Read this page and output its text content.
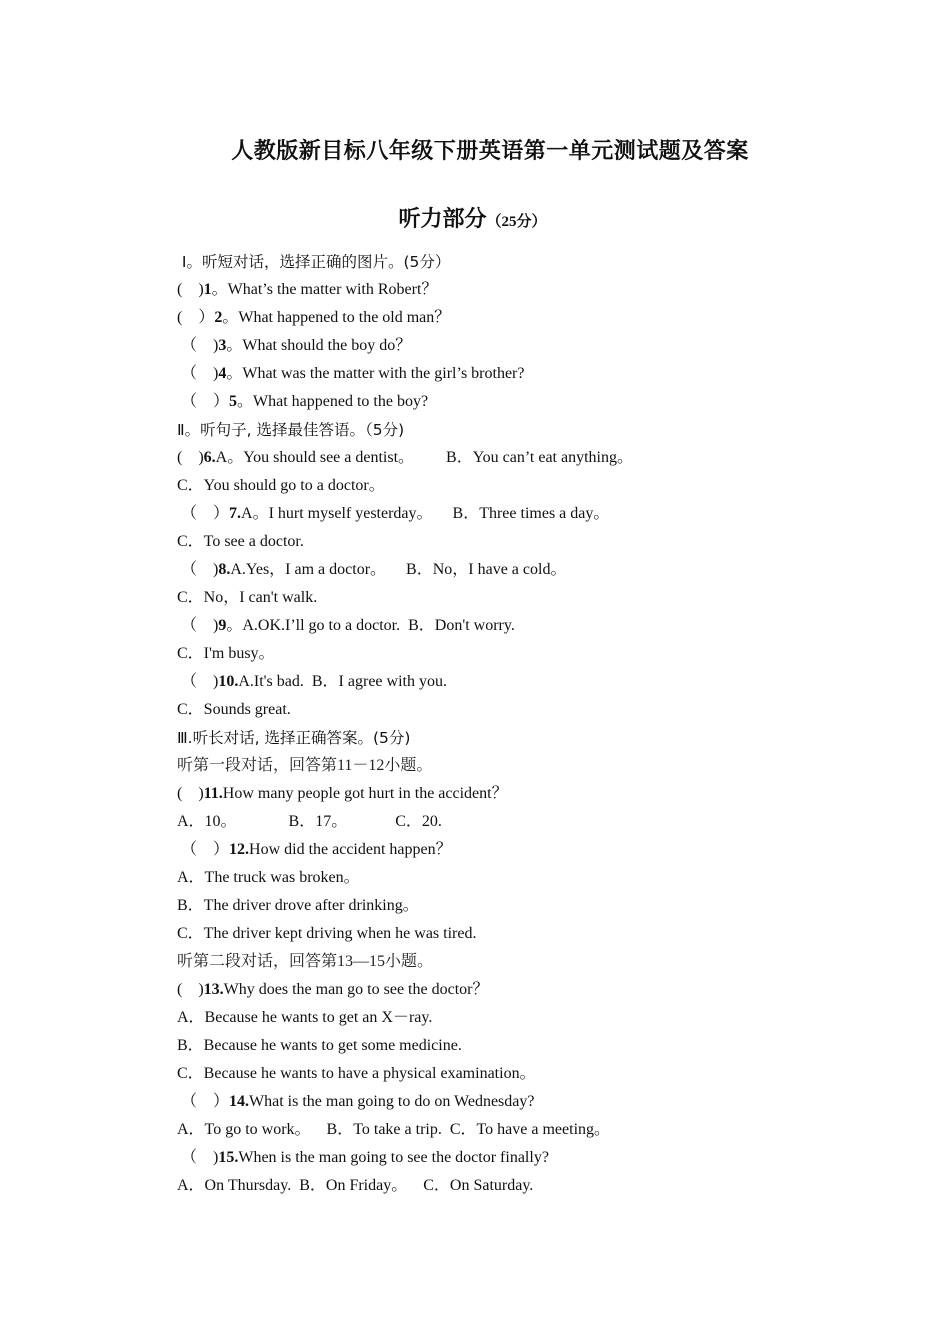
人教版新目标八年级下册英语第一单元测试题及答案
听力部分（25分）
Ⅰ。听短对话，选择正确的图片。(5分）
(    )1。What’s the matter with Robert？
(    ）2。What happened to the old man？
（    )3。What should the boy do？
（    )4。What was the matter with the girl’s brother?
（    ）5。What happened to the boy?
Ⅱ。听句子, 选择最佳答语。（5分)
(    )6.A。You should see a dentist。        B．You can’t eat anything。
C．You should go to a doctor。
（    ）7.A。I hurt myself yesterday。     B．Three times a day。
C．To see a doctor.
（    )8.A.Yes，I am a doctor。     B．No，I have a cold。
C．No，I can't walk.
（    )9。A.OK.I’ll go to a doctor.  B．Don't worry.
C．I'm busy。
（    )10.A.It's bad.  B．I agree with you.
C．Sounds great.
Ⅲ.听长对话, 选择正确答案。(5分)
听第一段对话，回答第11－12小题。
(    )11.How many people got hurt in the accident？
A．10。             B．17。            C．20.
（    ）12.How did the accident happen？
A．The truck was broken。
B．The driver drove after drinking。
C．The driver kept driving when he was tired.
听第二段对话，回答第13—15小题。
(    )13.Why does the man go to see the doctor？
A．Because he wants to get an X－ray.
B．Because he wants to get some medicine.
C．Because he wants to have a physical examination。
（    ）14.What is the man going to do on Wednesday?
A．To go to work。    B．To take a trip.  C．To have a meeting。
（    )15.When is the man going to see the doctor finally?
A．On Thursday.  B．On Friday。    C．On Saturday.
